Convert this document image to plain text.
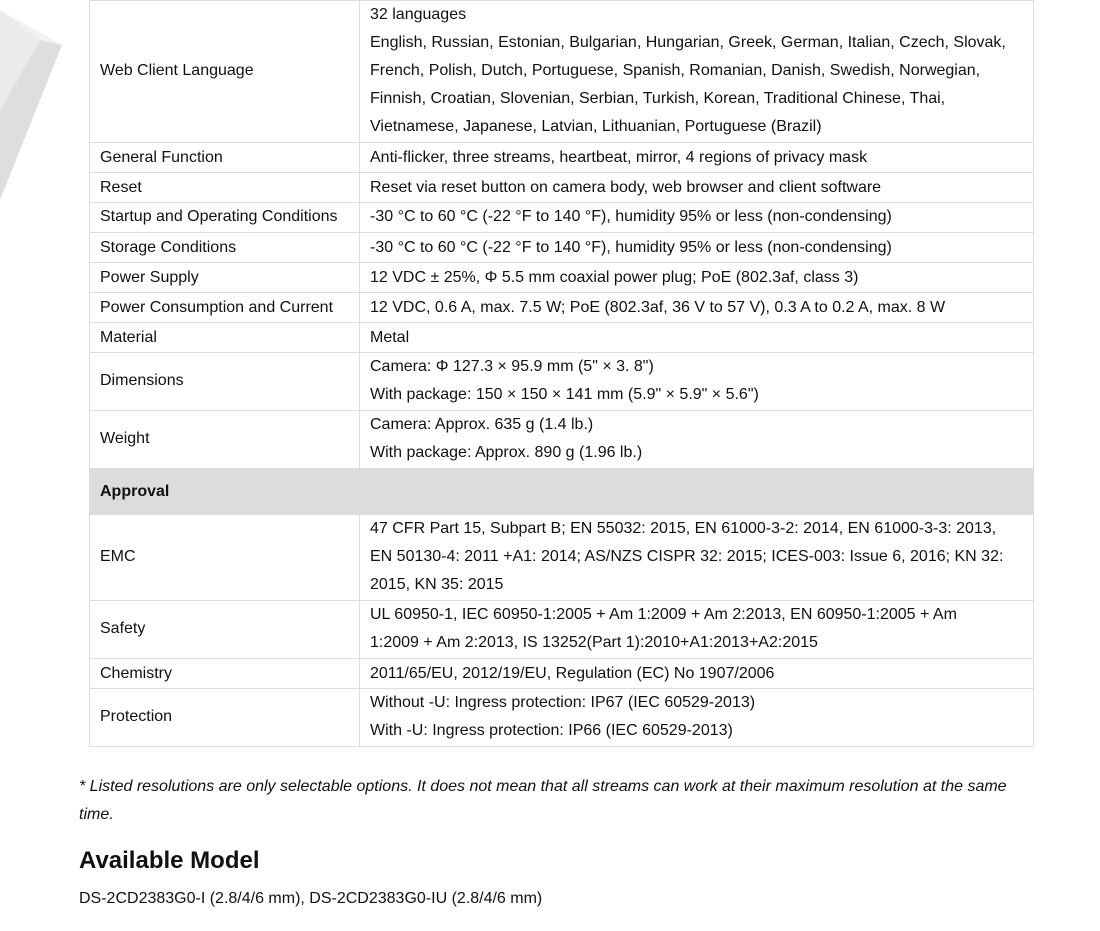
Web Client Language	32 languages
English, Russian, Estonian, Bulgarian, Hungarian, Greek, German, Italian, Czech, Slovak,
French, Polish, Dutch, Portuguese, Spanish, Romanian, Danish, Swedish, Norwegian,
Finnish, Croatian, Slovenian, Serbian, Turkish, Korean, Traditional Chinese, Thai,
Vietnamese, Japanese, Latvian, Lithuanian, Portuguese (Brazil)

General Function	Anti-flicker, three streams, heartbeat, mirror, 4 regions of privacy mask

Reset	Reset via reset button on camera body, web browser and client software

Startup and Operating Conditions	-30 °C to 60 °C (-22 °F to 140 °F), humidity 95% or less (non-condensing)

Storage Conditions	-30 °C to 60 °C (-22 °F to 140 °F), humidity 95% or less (non-condensing)

Power Supply	12 VDC ± 25%, Φ 5.5 mm coaxial power plug; PoE (802.3af, class 3)

Power Consumption and Current	12 VDC, 0.6 A, max. 7.5 W; PoE (802.3af, 36 V to 57 V), 0.3 A to 0.2 A, max. 8 W

Material	Metal

Dimensions	Camera: Φ 127.3 × 95.9 mm (5" × 3. 8")
With package: 150 × 150 × 141 mm (5.9" × 5.9" × 5.6")

Weight	Camera: Approx. 635 g (1.4 lb.)
With package: Approx. 890 g (1.96 lb.)

Approval	
EMC	47 CFR Part 15, Subpart B; EN 55032: 2015, EN 61000-3-2: 2014, EN 61000-3-3: 2013,
EN 50130-4: 2011 +A1: 2014; AS/NZS CISPR 32: 2015; ICES-003: Issue 6, 2016; KN 32:
2015, KN 35: 2015

Safety	UL 60950-1, IEC 60950-1:2005 + Am 1:2009 + Am 2:2013, EN 60950-1:2005 + Am
1:2009 + Am 2:2013, IS 13252(Part 1):2010+A1:2013+A2:2015

Chemistry	2011/65/EU, 2012/19/EU, Regulation (EC) No 1907/2006

Protection	Without -U: Ingress protection: IP67 (IEC 60529-2013)
With -U: Ingress protection: IP66 (IEC 60529-2013)
* Listed resolutions are only selectable options. It does not mean that all streams can work at their maximum resolution at the same time.
Available Model
DS-2CD2383G0-I (2.8/4/6 mm), DS-2CD2383G0-IU (2.8/4/6 mm)
